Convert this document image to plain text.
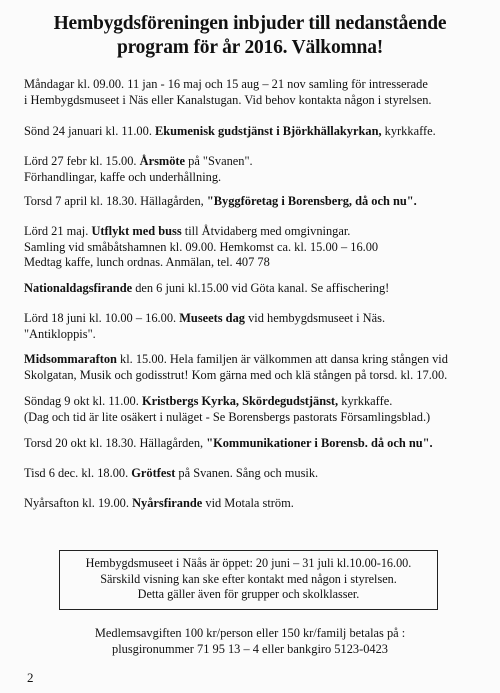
Hembygdsföreningen inbjuder till nedanstående
program för år 2016. Välkomna!
Måndagar kl. 09.00. 11 jan - 16 maj och 15 aug – 21 nov samling för intresserade
i Hembygdsmuseet i Näs eller Kanalstugan. Vid behov kontakta någon i styrelsen.
Sönd 24 januari kl. 11.00. Ekumenisk gudstjänst i Björkhällakyrkan, kyrkkaffe.
Lörd 27 febr kl. 15.00. Årsmöte på "Svanen".
Förhandlingar, kaffe och underhållning.
Torsd 7 april kl. 18.30. Hällagården, "Byggföretag i Borensberg, då och nu".
Lörd 21 maj. Utflykt med buss till Åtvidaberg med omgivningar.
Samling vid småbåtshamnen kl. 09.00. Hemkomst ca. kl. 15.00 – 16.00
Medtag kaffe, lunch ordnas. Anmälan, tel. 407 78
Nationaldagsfirande den 6 juni kl.15.00 vid Göta kanal. Se affischering!
Lörd 18 juni kl. 10.00 – 16.00. Museets dag vid hembygdsmuseet i Näs.
"Antikloppis".
Midsommarafton kl. 15.00. Hela familjen är välkommen att dansa kring stången vid
Skolgatan, Musik och godisstrut! Kom gärna med och klä stången på torsd. kl. 17.00.
Söndag 9 okt kl. 11.00. Kristbergs Kyrka, Skördegudstjänst, kyrkkaffe.
(Dag och tid är lite osäkert i nuläget - Se Borensbergs pastorats Församlingsblad.)
Torsd 20 okt kl. 18.30. Hällagården, "Kommunikationer i Borensb. då och nu".
Tisd 6 dec. kl. 18.00. Grötfest på Svanen. Sång och musik.
Nyårsafton kl. 19.00. Nyårsfirande vid Motala ström.
Hembygdsmuseet i Näås är öppet: 20 juni – 31 juli kl.10.00-16.00.
Särskild visning kan ske efter kontakt med någon i styrelsen.
Detta gäller även för grupper och skolklasser.
Medlemsavgiften 100 kr/person eller 150 kr/familj betalas på :
plusgironummer 71 95 13 – 4 eller bankgiro 5123-0423
2
